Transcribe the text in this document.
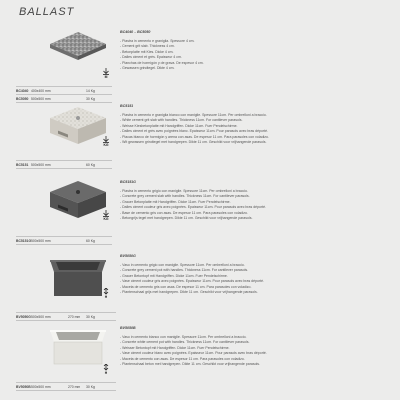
BALLAST
BC4040 400x400 mm	14 Kg
BC5050 500x500 mm	30 Kg
M
BC4040 – BC5050
- Piastra in cemento e graniglia. Spessore 4 cm.
- Cement grit slab. Thickness 4 cm.
- Betonplatte mit Kies. Dicke 4 cm.
- Dalles ciment et grès. Epaisseur 4 cm.
- Planchas de hormigón y de grava. De espesor 4 cm.
- Gewassen grindtegel. Dikte 4 cm.
BC5151 500x500 mm	60 Kg
KG
BC5151
- Piastra in cemento e graniglia bianco con maniglie. Spessore 11cm. Per ombrelloni a braccio.
- White cement grit slab with handles. Thickness 11cm. For cantilever parasols.
- Weisse Kiesbetonplatte mit Handgriffen. Dicke 11cm. Fuer Pendelschirme.
- Dalles ciment et grès avec poignées blanc. Epaisseur 11cm. Pour parasols avec bras déporté.
- Placas blanco de hormigón y arena con asas. De espesor 11 cm. Para parasoles con voladizo.
- Wit gewassen grindtegel met handgrepen. Dikte 11 cm. Geschikt voor vrijhangende parasols.
BC5151G 500x500 mm	60 Kg
KG
BC5151G
- Piastra in cemento grigio con maniglie. Spessore 11cm. Per ombrelloni a braccio.
- Concrete grey cement slab with handles. Thickness 11cm. For cantilever parasols.
- Grauer Betonplatte mit Handgriffen. Dicke 11cm. Fuer Pendelschirme.
- Dalles ciment couleur gris avec poignées. Epaisseur 11cm. Pour parasols avec bras déporté.
- Base de cemento gris con asas. De espesor 11 cm. Para parasoles con voladizo.
- Betongrijs tegel met handgrepen. Dikte 11 cm. Geschikt voor vrijhangende parasols.
BV5050G 500x500 mm	270 mm 30 Kg
H
BV5050G
- Vaso in cemento grigio con maniglie. Spessore 11cm. Per ombrelloni a braccio.
- Concrete grey cement pot with handles. Thickness 11cm. For cantilever parasols.
- Grauer Betontopf mit Handgriffen. Dicke 11cm. Fuer Pendelschirme.
- Vase ciment couleur gris avec poignées. Epaisseur 11cm. Pour parasols avec bras déporté.
- Maceta de cemento gris con asas. De espesor 11 cm. Para parasoles con voladizo.
- Plantenschaal grijs met handgrepen. Dikte 11 cm. Geschikt voor vrijhangende parasols.
BV5050B 500x500 mm	270 mm 30 Kg
H
BV5050B
- Vaso in cemento bianco con maniglie. Spessore 11cm. Per ombrelloni a braccio.
- Concrete white cement pot with handles. Thickness 11cm. For cantilever parasols.
- Weisser Betontopf mit Handgriffen. Dicke 11cm. Fuer Pendelschirme.
- Vase ciment couleur blanc avec poignées. Epaisseur 11cm. Pour parasols avec bras déporté.
- Maceta de cemento con asas. De espesor 11 cm. Para parasoles con voladizo.
- Plantenschaal beton met handgrepen. Dikte 11 cm. Geschikt voor vrijhangende parasols.
